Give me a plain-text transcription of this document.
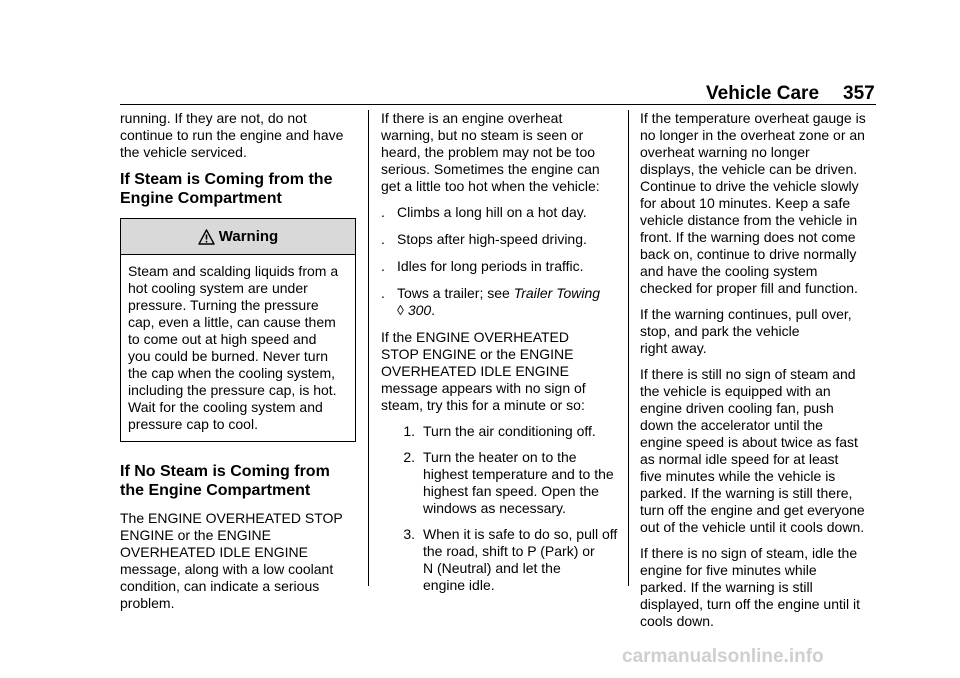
Vehicle Care 357

running. If they are not, do not
continue to run the engine and have
the vehicle serviced.

If Steam is Coming from the
Engine Compartment
Warning
Steam and scalding liquids from a
hot cooling system are under
pressure. Turning the pressure
cap, even a little, can cause them
to come out at high speed and
you could be burned. Never turn
the cap when the cooling system,
including the pressure cap, is hot.
Wait for the cooling system and
pressure cap to cool.
If No Steam is Coming from
the Engine Compartment

The ENGINE OVERHEATED STOP
ENGINE or the ENGINE
OVERHEATED IDLE ENGINE
message, along with a low coolant
condition, can indicate a serious
problem.

If there is an engine overheat
warning, but no steam is seen or
heard, the problem may not be too
serious. Sometimes the engine can
get a little too hot when the vehicle:

. Climbs a long hill on a hot day.
. Stops after high-speed driving.
. Idles for long periods in traffic.
. Tows a trailer; see Trailer Towing
◊ 300.

If the ENGINE OVERHEATED
STOP ENGINE or the ENGINE
OVERHEATED IDLE ENGINE
message appears with no sign of
steam, try this for a minute or so:

1. Turn the air conditioning off.
2. Turn the heater on to the
highest temperature and to the
highest fan speed. Open the
windows as necessary.
3. When it is safe to do so, pull off
the road, shift to P (Park) or
N (Neutral) and let the
engine idle.

If the temperature overheat gauge is
no longer in the overheat zone or an
overheat warning no longer
displays, the vehicle can be driven.
Continue to drive the vehicle slowly
for about 10 minutes. Keep a safe
vehicle distance from the vehicle in
front. If the warning does not come
back on, continue to drive normally
and have the cooling system
checked for proper fill and function.

If the warning continues, pull over,
stop, and park the vehicle
right away.

If there is still no sign of steam and
the vehicle is equipped with an
engine driven cooling fan, push
down the accelerator until the
engine speed is about twice as fast
as normal idle speed for at least
five minutes while the vehicle is
parked. If the warning is still there,
turn off the engine and get everyone
out of the vehicle until it cools down.

If there is no sign of steam, idle the
engine for five minutes while
parked. If the warning is still
displayed, turn off the engine until it
cools down.

carmanualsonline.info
